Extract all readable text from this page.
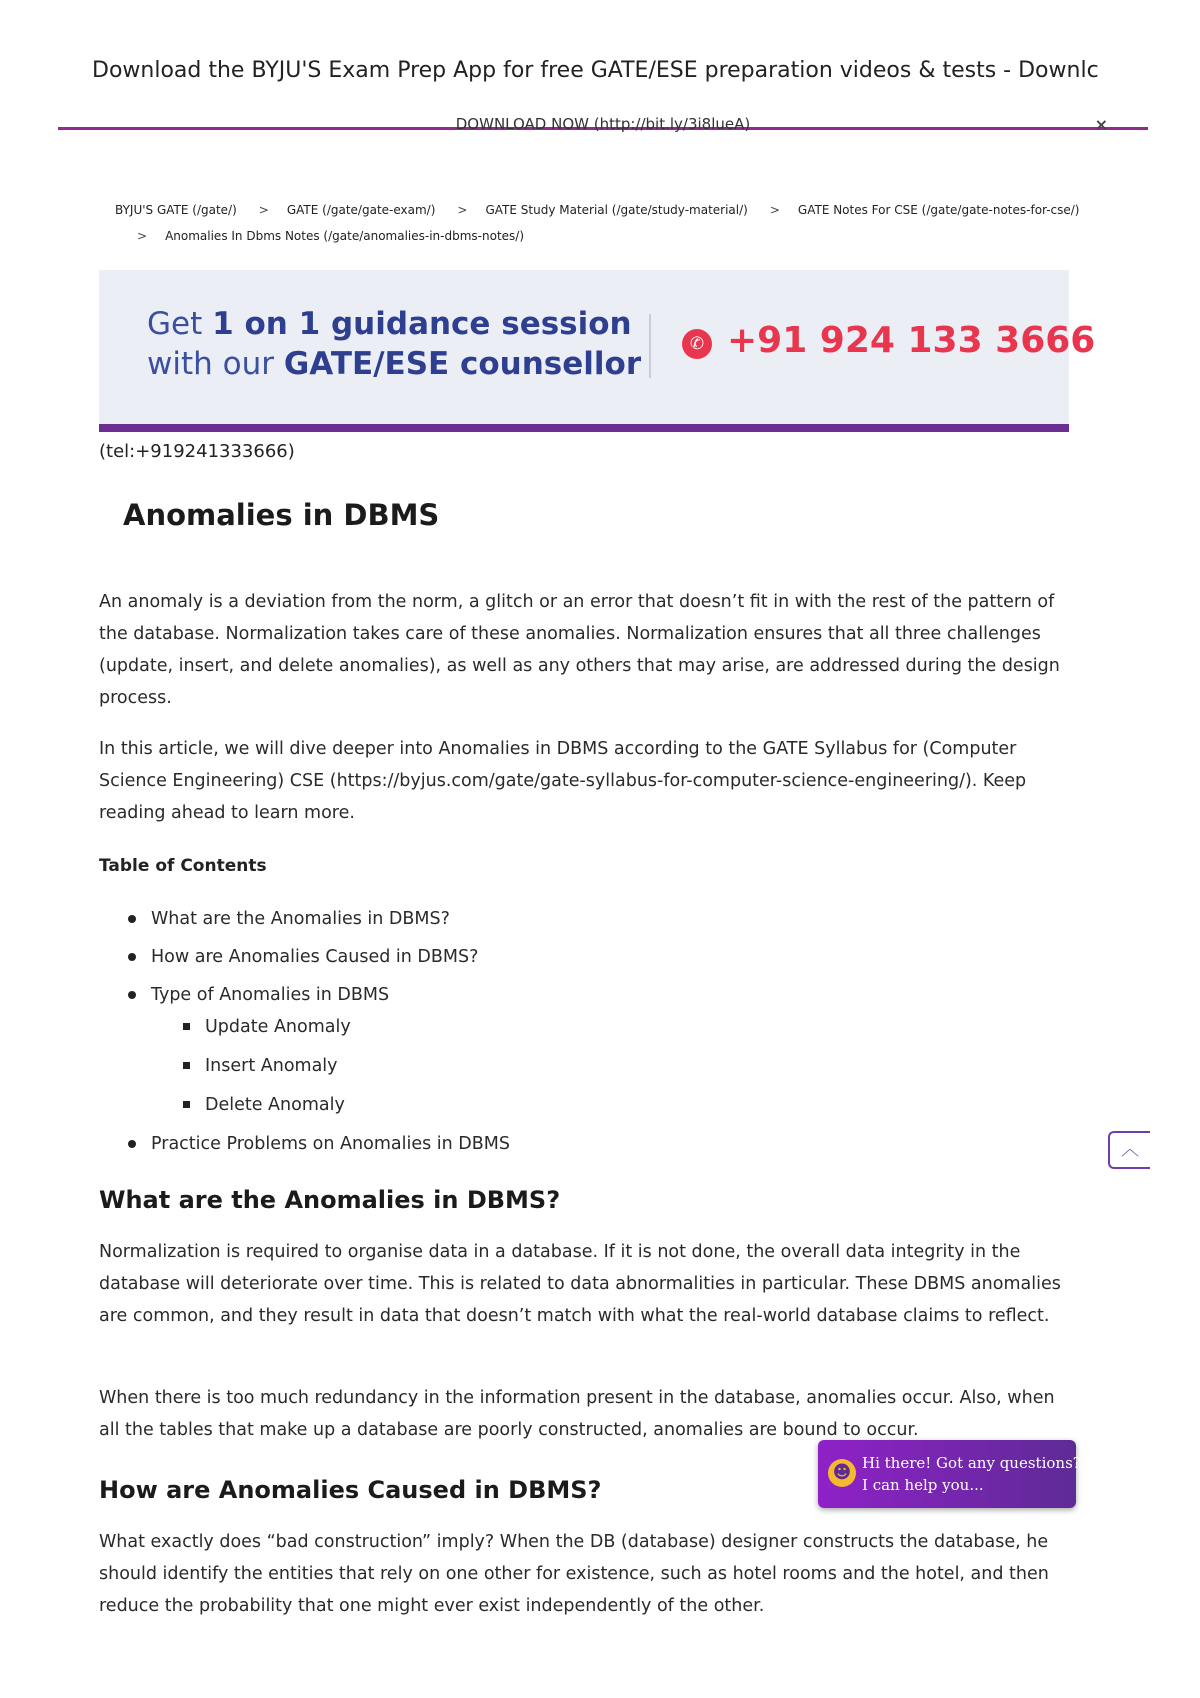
Download the BYJU'S Exam Prep App for free GATE/ESE preparation videos & tests - Downlc
DOWNLOAD NOW (http://bit.ly/3i8lueA)	×
BYJU'S GATE (/gate/) > GATE (/gate/gate-exam/) > GATE Study Material (/gate/study-material/) > GATE Notes For CSE (/gate/gate-notes-for-cse/)
> Anomalies In Dbms Notes (/gate/anomalies-in-dbms-notes/)
Get 1 on 1 guidance session
with our GATE/ESE counsellor
✆ +91 924 133 3666
(tel:+919241333666)
Anomalies in DBMS

An anomaly is a deviation from the norm, a glitch or an error that doesn’t fit in with the rest of the pattern of the database. Normalization takes care of these anomalies. Normalization ensures that all three challenges (update, insert, and delete anomalies), as well as any others that may arise, are addressed during the design process.

In this article, we will dive deeper into Anomalies in DBMS according to the GATE Syllabus for (Computer Science Engineering) CSE (https://byjus.com/gate/gate-syllabus-for-computer-science-engineering/). Keep reading ahead to learn more.

Table of Contents

What are the Anomalies in DBMS?
How are Anomalies Caused in DBMS?
Type of Anomalies in DBMS
Update Anomaly
Insert Anomaly
Delete Anomaly
Practice Problems on Anomalies in DBMS	︿
What are the Anomalies in DBMS?

Normalization is required to organise data in a database. If it is not done, the overall data integrity in the database will deteriorate over time. This is related to data abnormalities in particular. These DBMS anomalies are common, and they result in data that doesn’t match with what the real-world database claims to reflect.

When there is too much redundancy in the information present in the database, anomalies occur. Also, when all the tables that make up a database are poorly constructed, anomalies are bound to occur.

How are Anomalies Caused in DBMS?

What exactly does “bad construction” imply? When the DB (database) designer constructs the database, he should identify the entities that rely on one other for existence, such as hotel rooms and the hotel, and then reduce the probability that one might ever exist independently of the other.

☻ Hi there! Got any questions?
I can help you...
